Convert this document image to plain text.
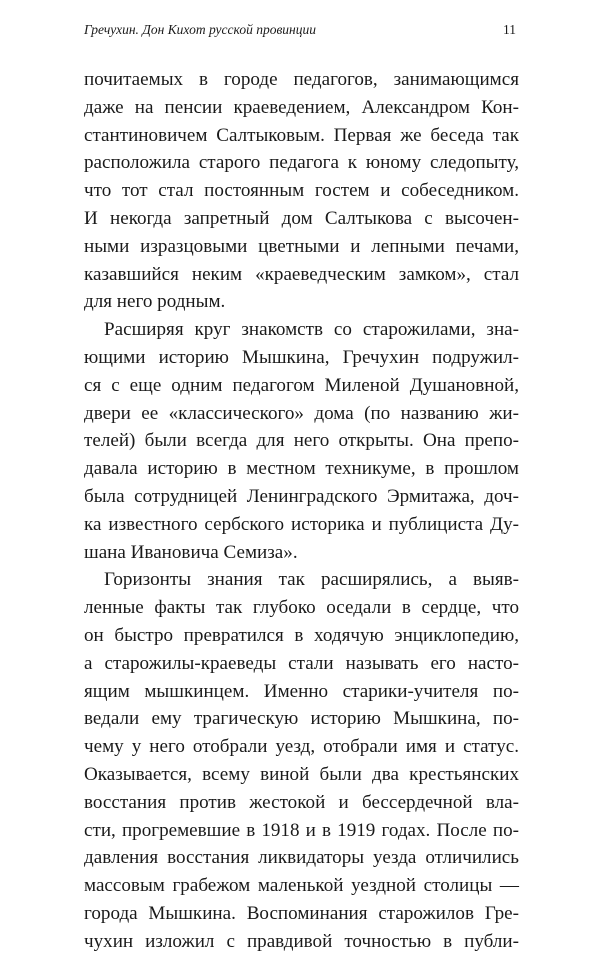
Гречухин. Дон Кихот русской провинции	11
почитаемых в городе педагогов, занимающимся
даже на пенсии краеведением, Александром Кон-
стантиновичем Салтыковым. Первая же беседа так
расположила старого педагога к юному следопыту,
что тот стал постоянным гостем и собеседником.
И некогда запретный дом Салтыкова с высочен-
ными изразцовыми цветными и лепными печами,
казавшийся неким «краеведческим замком», стал
для него родным.
Расширяя круг знакомств со старожилами, зна-
ющими историю Мышкина, Гречухин подружил-
ся с еще одним педагогом Миленой Душановной,
двери ее «классического» дома (по названию жи-
телей) были всегда для него открыты. Она препо-
давала историю в местном техникуме, в прошлом
была сотрудницей Ленинградского Эрмитажа, доч-
ка известного сербского историка и публициста Ду-
шана Ивановича Семиза».
Горизонты знания так расширялись, а выяв-
ленные факты так глубоко оседали в сердце, что
он быстро превратился в ходячую энциклопедию,
а старожилы-краеведы стали называть его насто-
ящим мышкинцем. Именно старики-учителя по-
ведали ему трагическую историю Мышкина, по-
чему у него отобрали уезд, отобрали имя и статус.
Оказывается, всему виной были два крестьянских
восстания против жестокой и бессердечной вла-
сти, прогремевшие в 1918 и в 1919 годах. После по-
давления восстания ликвидаторы уезда отличились
массовым грабежом маленькой уездной столицы —
города Мышкина. Воспоминания старожилов Гре-
чухин изложил с правдивой точностью в публи-
